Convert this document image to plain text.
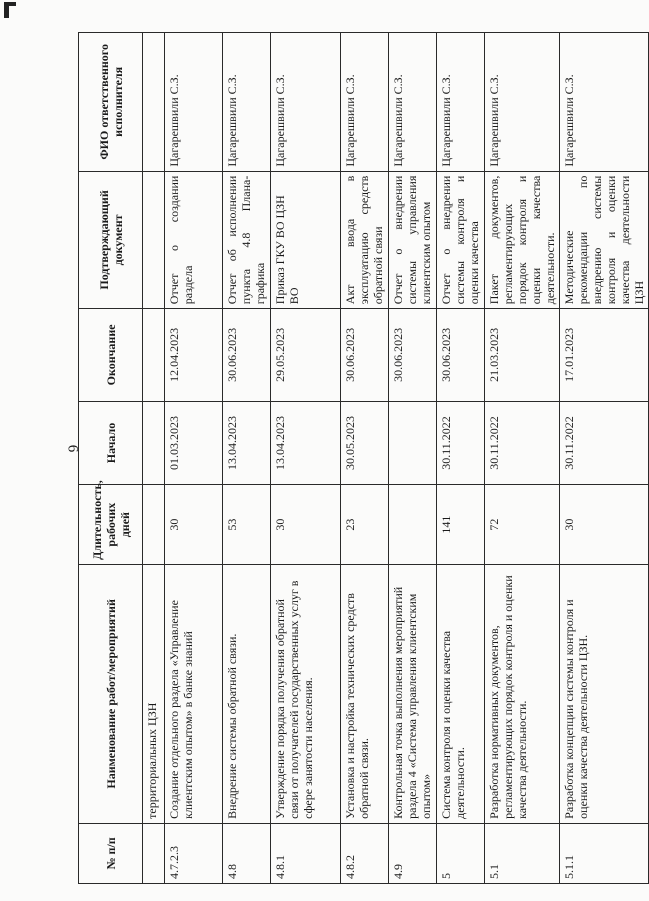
6
№ п/п	Наименование работ/мероприятий	Длительность, рабочих дней	Начало	Окончание	Подтверждающий документ	ФИО ответственного исполнителя
	территориальных ЦЗН					
4.7.2.3	Создание отдельного раздела «Управление клиентским опытом» в банке знаний	30	01.03.2023	12.04.2023	Отчет о создании раздела	Цагарешвили С.З.
4.8	Внедрение системы обратной связи.	53	13.04.2023	30.06.2023	Отчет об исполнении пункта 4.8 Плана-графика	Цагарешвили С.З.
4.8.1	Утверждение порядка получения обратной связи от получателей государственных услуг в сфере занятости населения.	30	13.04.2023	29.05.2023	Приказ ГКУ ВО ЦЗН ВО	Цагарешвили С.З.
4.8.2	Установка и настройка технических средств обратной связи.	23	30.05.2023	30.06.2023	Акт ввода в эксплуатацию средств обратной связи	Цагарешвили С.З.
4.9	Контрольная точка выполнения мероприятий раздела 4 «Система управления клиентским опытом»			30.06.2023	Отчет о внедрении системы управления клиентским опытом	Цагарешвили С.З.
5	Система контроля и оценки качества деятельности.	141	30.11.2022	30.06.2023	Отчет о внедрении системы контроля и оценки качества	Цагарешвили С.З.
5.1	Разработка нормативных документов, регламентирующих порядок контроля и оценки качества деятельности.	72	30.11.2022	21.03.2023	Пакет документов, регламентирующих порядок контроля и оценки качества деятельности.	Цагарешвили С.З.
5.1.1	Разработка концепции системы контроля и оценки качества деятельности ЦЗН.	30	30.11.2022	17.01.2023	Методические рекомендации по внедрению системы контроля и оценки качества деятельности ЦЗН	Цагарешвили С.З.
